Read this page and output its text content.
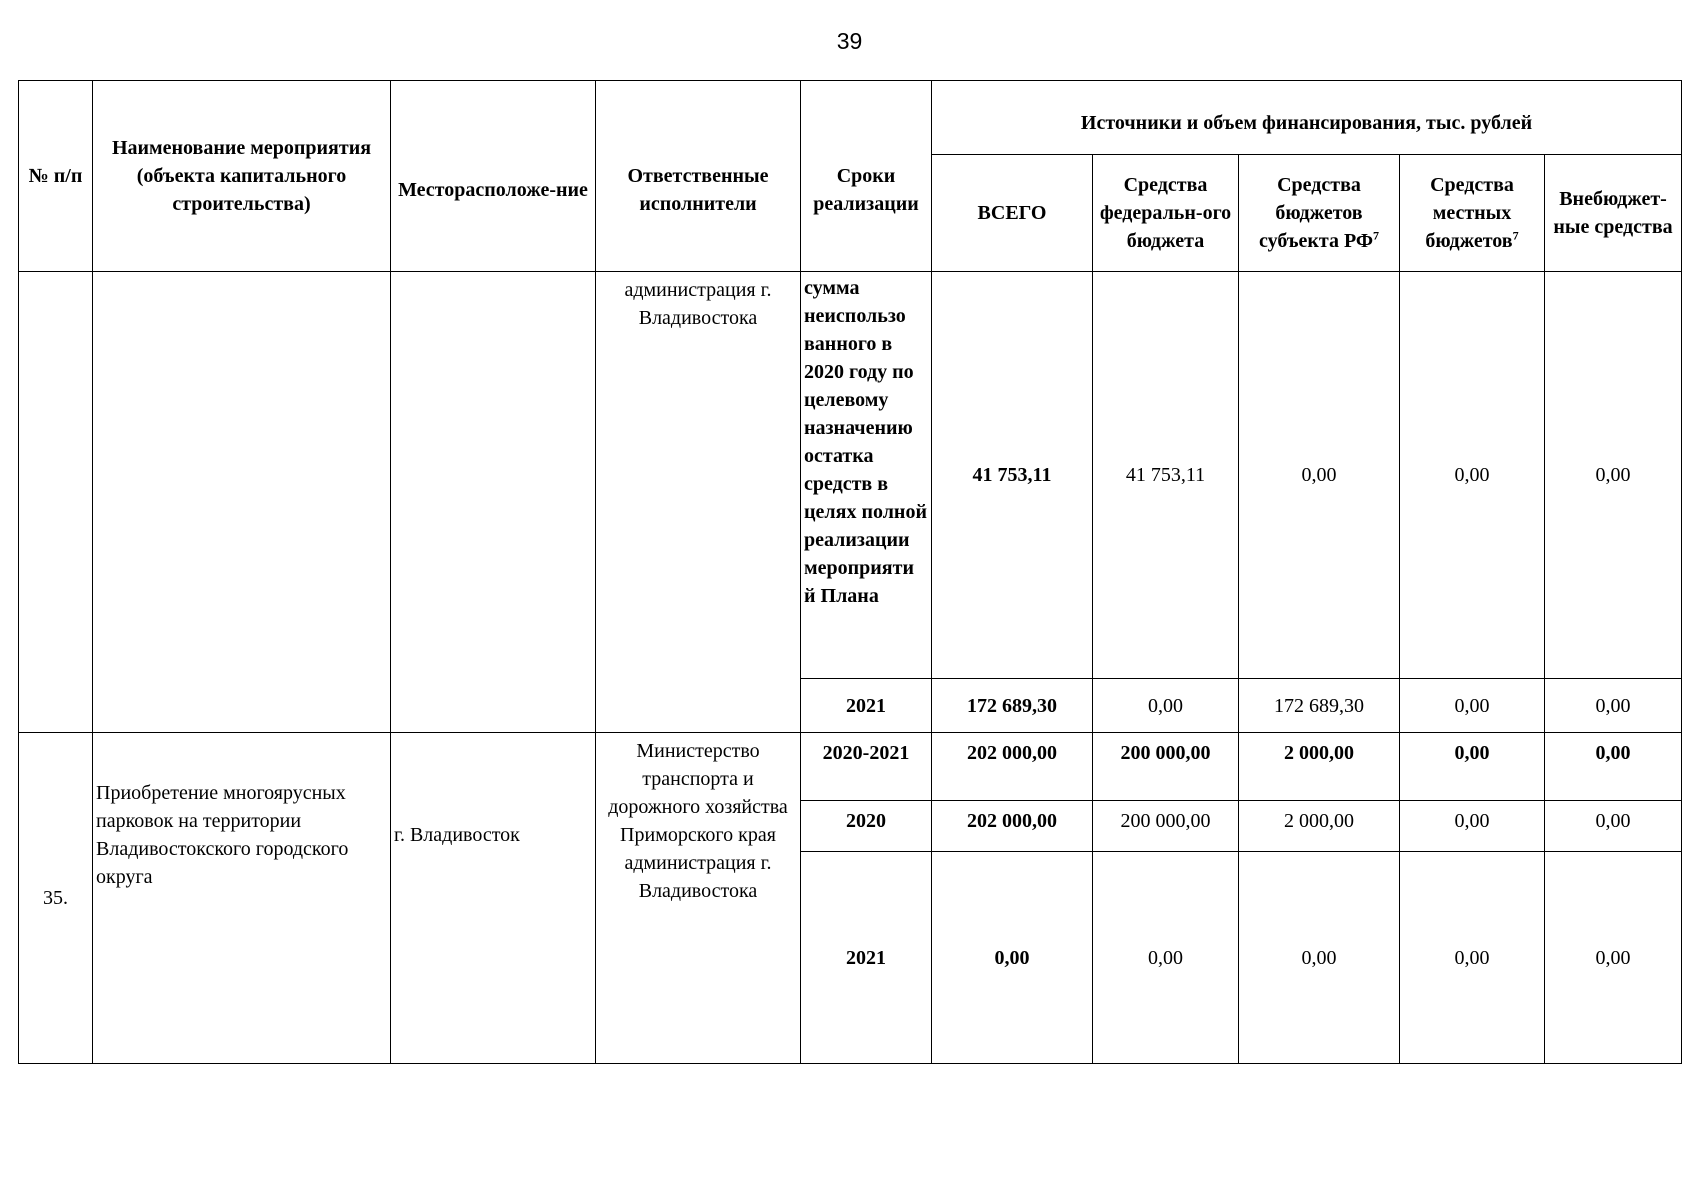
39
№ п/п	Наименование мероприятия (объекта капитального строительства)	Месторасположе-ние	Ответственные исполнители	Сроки реализации	Источники и объем финансирования, тыс. рублей				
					ВСЕГО	Средства федеральн-ого бюджета	Средства бюджетов субъекта $РФ^7$	Средства местных бюджетов$^7$	Внебюджет-ные средства
			администрация г. Владивостока	сумма неиспользо ванного в 2020 году по целевому назначению остатка средств в целях полной реализации мероприяти й Плана	41 753,11	41 753,11	0,00	0,00	0,00
				2021	172 689,30	0,00	172 689,30	0,00	0,00
35.	Приобретение многоярусных парковок на территории Владивостокского городского округа	г. Владивосток	Министерство транспорта и дорожного хозяйства Приморского края администрация г. Владивостока	2020-2021	202 000,00	200 000,00	2 000,00	0,00	0,00
				2020	202 000,00	200 000,00	2 000,00	0,00	0,00
				2021	0,00	0,00	0,00	0,00	0,00
